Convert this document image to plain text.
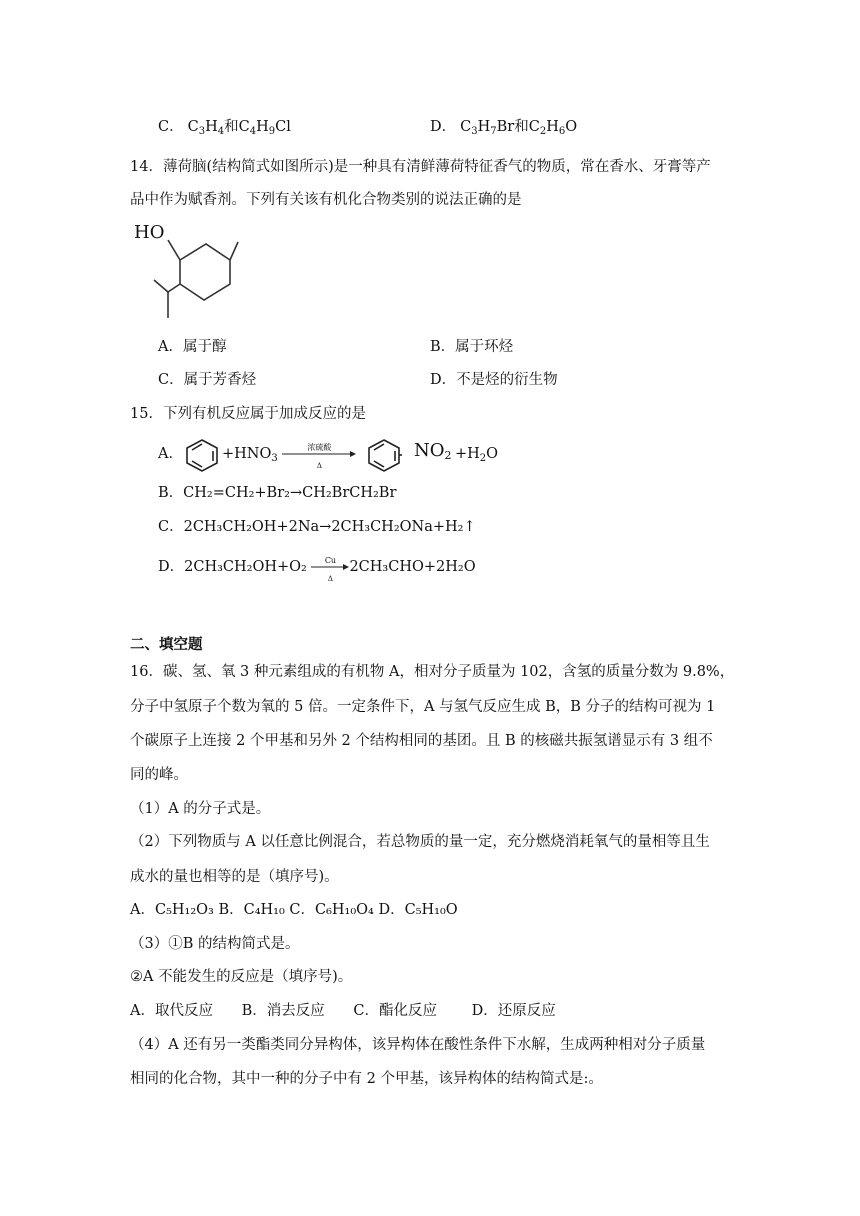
C． $C_3H_4$和$C_4H_9Cl$	D． $C_3H_7Br$和$C_2H_6O$
14．薄荷脑(结构简式如图所示)是一种具有清鲜薄荷特征香气的物质，常在香水、牙膏等产
品中作为赋香剂。下列有关该有机化合物类别的说法正确的是
HO
A．属于醇	B．属于环烃
C．属于芳香烃	D．不是烃的衍生物
15．下列有机反应属于加成反应的是
A．	$+HNO_3$
浓硫酸
Δ
$NO_2 +H_2O$
B．CH₂=CH₂+Br₂→CH₂BrCH₂Br
C．2CH₃CH₂OH+2Na→2CH₃CH₂ONa+H₂↑
D．2CH₃CH₂OH+O₂	Cu
Δ
2CH₃CHO+2H₂O
二、填空题
16．碳、氢、氧 3 种元素组成的有机物 A，相对分子质量为 102，含氢的质量分数为 9.8%，
分子中氢原子个数为氧的 5 倍。一定条件下，A 与氢气反应生成 B，B 分子的结构可视为 1
个碳原子上连接 2 个甲基和另外 2 个结构相同的基团。且 B 的核磁共振氢谱显示有 3 组不
同的峰。
（1）A 的分子式是。
（2）下列物质与 A 以任意比例混合，若总物质的量一定，充分燃烧消耗氧气的量相等且生
成水的量也相等的是（填序号)。
A．C₅H₁₂O₃ B．C₄H₁₀ C．C₆H₁₀O₄ D．C₅H₁₀O
（3）①B 的结构简式是。
②A 不能发生的反应是（填序号)。
A．取代反应 B．消去反应 C．酯化反应 D．还原反应
（4）A 还有另一类酯类同分异构体，该异构体在酸性条件下水解，生成两种相对分子质量
相同的化合物，其中一种的分子中有 2 个甲基，该异构体的结构简式是:。
